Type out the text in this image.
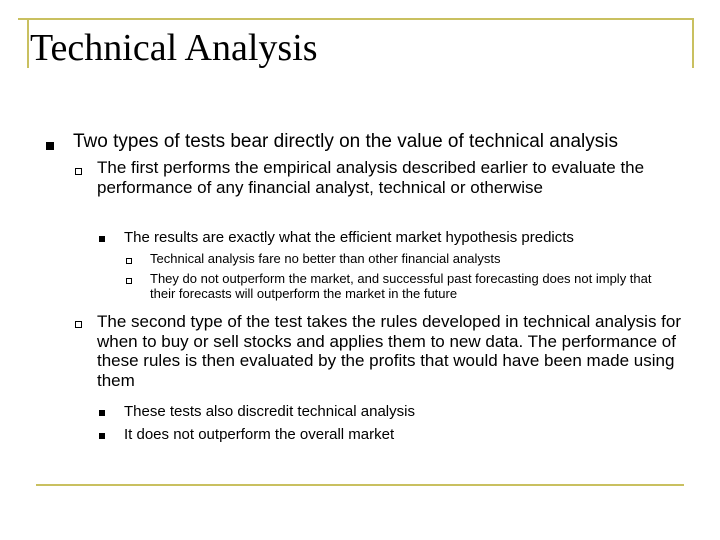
Technical Analysis
Two types of tests bear directly on the value of technical analysis
The first performs the empirical analysis described earlier to evaluate the performance of any financial analyst, technical or otherwise
The results are exactly what the efficient market hypothesis predicts
Technical analysis fare no better than other financial analysts
They do not outperform the market, and successful past forecasting does not imply that their forecasts will outperform the market in the future
The second type of the test takes the rules developed in technical analysis for when to buy or sell stocks and applies them to new data. The performance of these rules is then evaluated by the profits that would have been made using them
These tests also discredit technical analysis
It does not outperform the overall market
